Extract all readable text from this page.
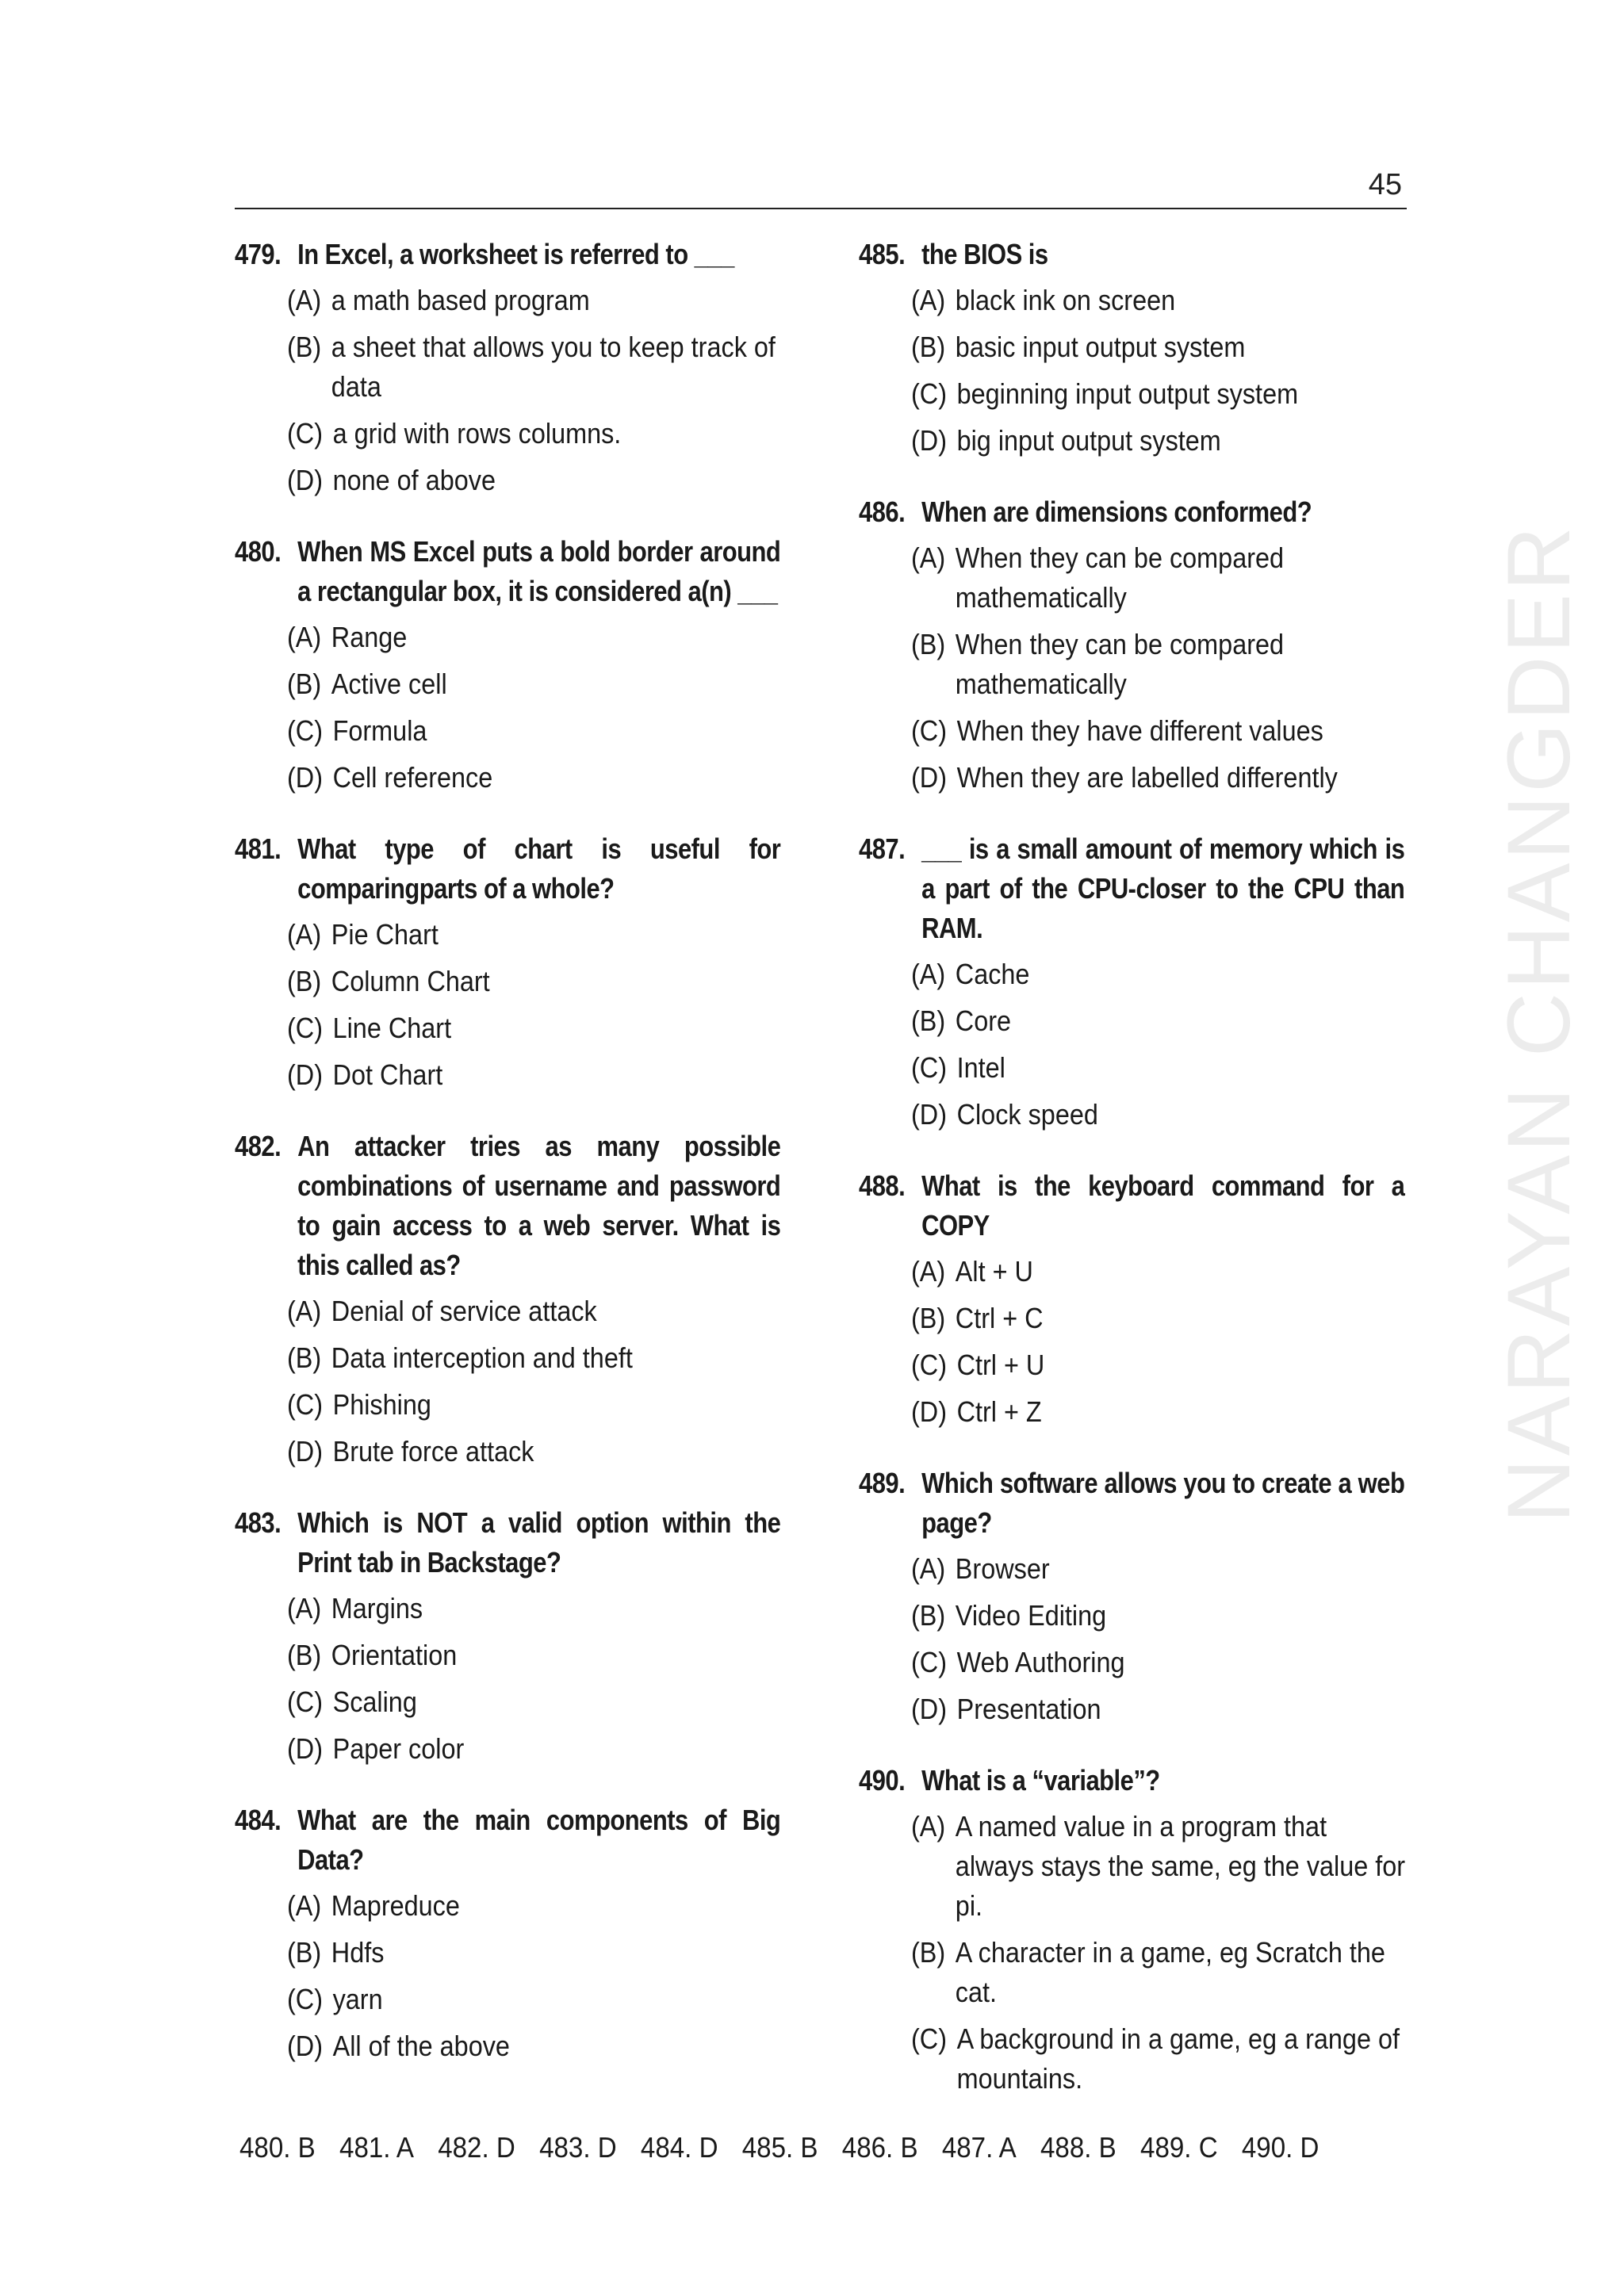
45
479. In Excel, a worksheet is referred to ___
(A) a math based program
(B) a sheet that allows you to keep track of data
(C) a grid with rows columns.
(D) none of above
480. When MS Excel puts a bold border around a rectangular box, it is considered a(n) ___
(A) Range
(B) Active cell
(C) Formula
(D) Cell reference
481. What type of chart is useful for comparingparts of a whole?
(A) Pie Chart
(B) Column Chart
(C) Line Chart
(D) Dot Chart
482. An attacker tries as many possible combinations of username and password to gain access to a web server. What is this called as?
(A) Denial of service attack
(B) Data interception and theft
(C) Phishing
(D) Brute force attack
483. Which is NOT a valid option within the Print tab in Backstage?
(A) Margins
(B) Orientation
(C) Scaling
(D) Paper color
484. What are the main components of Big Data?
(A) Mapreduce
(B) Hdfs
(C) yarn
(D) All of the above
485. the BIOS is
(A) black ink on screen
(B) basic input output system
(C) beginning input output system
(D) big input output system
486. When are dimensions conformed?
(A) When they can be compared mathematically
(B) When they can be compared mathematically
(C) When they have different values
(D) When they are labelled differently
487. ___ is a small amount of memory which is a part of the CPU-closer to the CPU than RAM.
(A) Cache
(B) Core
(C) Intel
(D) Clock speed
488. What is the keyboard command for a COPY
(A) Alt + U
(B) Ctrl + C
(C) Ctrl + U
(D) Ctrl + Z
489. Which software allows you to create a web page?
(A) Browser
(B) Video Editing
(C) Web Authoring
(D) Presentation
490. What is a “variable”?
(A) A named value in a program that always stays the same, eg the value for pi.
(B) A character in a game, eg Scratch the cat.
(C) A background in a game, eg a range of mountains.
NARAYAN CHANGDER
480. B 481. A 482. D 483. D 484. D 485. B 486. B 487. A 488. B 489. C 490. D
